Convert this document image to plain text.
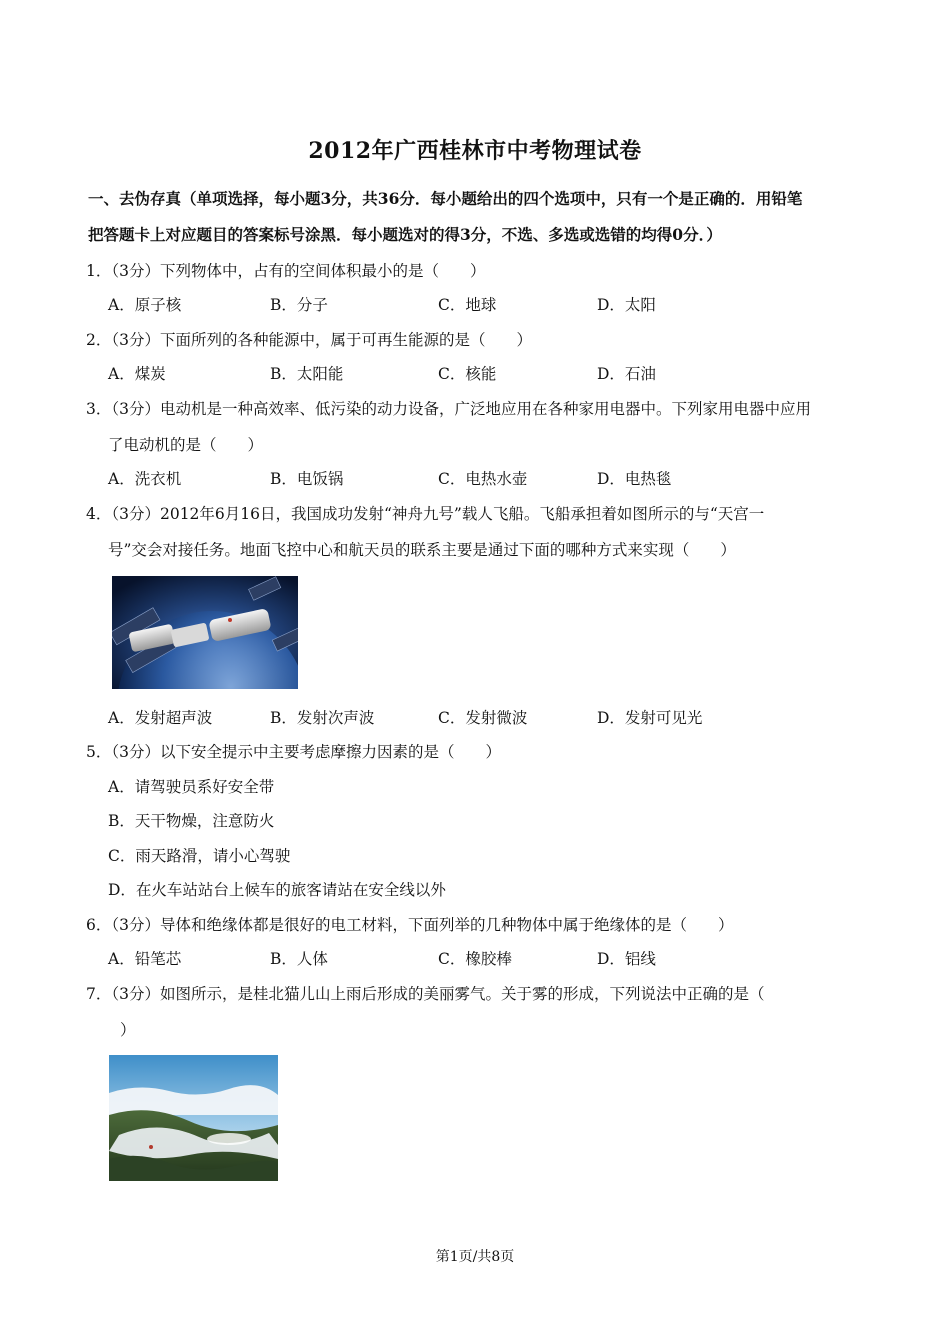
2012年广西桂林市中考物理试卷
一、去伪存真（单项选择，每小题3分，共36分．每小题给出的四个选项中，只有一个是正确的．用铅笔
把答题卡上对应题目的答案标号涂黑．每小题选对的得3分，不选、多选或选错的均得0分．）
1．（3分）下列物体中，占有的空间体积最小的是（　　）
A．原子核	B．分子	C．地球	D．太阳
2．（3分）下面所列的各种能源中，属于可再生能源的是（　　）
A．煤炭	B．太阳能	C．核能	D．石油
3．（3分）电动机是一种高效率、低污染的动力设备，广泛地应用在各种家用电器中。下列家用电器中应用
了电动机的是（　　）
A．洗衣机	B．电饭锅	C．电热水壶	D．电热毯
4．（3分）2012年6月16日，我国成功发射“神舟九号”载人飞船。飞船承担着如图所示的与“天宫一
号”交会对接任务。地面飞控中心和航天员的联系主要是通过下面的哪种方式来实现（　　）
A．发射超声波	B．发射次声波	C．发射微波	D．发射可见光
5．（3分）以下安全提示中主要考虑摩擦力因素的是（　　）
A．请驾驶员系好安全带
B．天干物燥，注意防火
C．雨天路滑，请小心驾驶
D．在火车站站台上候车的旅客请站在安全线以外
6．（3分）导体和绝缘体都是很好的电工材料，下面列举的几种物体中属于绝缘体的是（　　）
A．铅笔芯	B．人体	C．橡胶棒	D．铝线
7．（3分）如图所示，是桂北猫儿山上雨后形成的美丽雾气。关于雾的形成，下列说法中正确的是（
）
第1页/共8页
